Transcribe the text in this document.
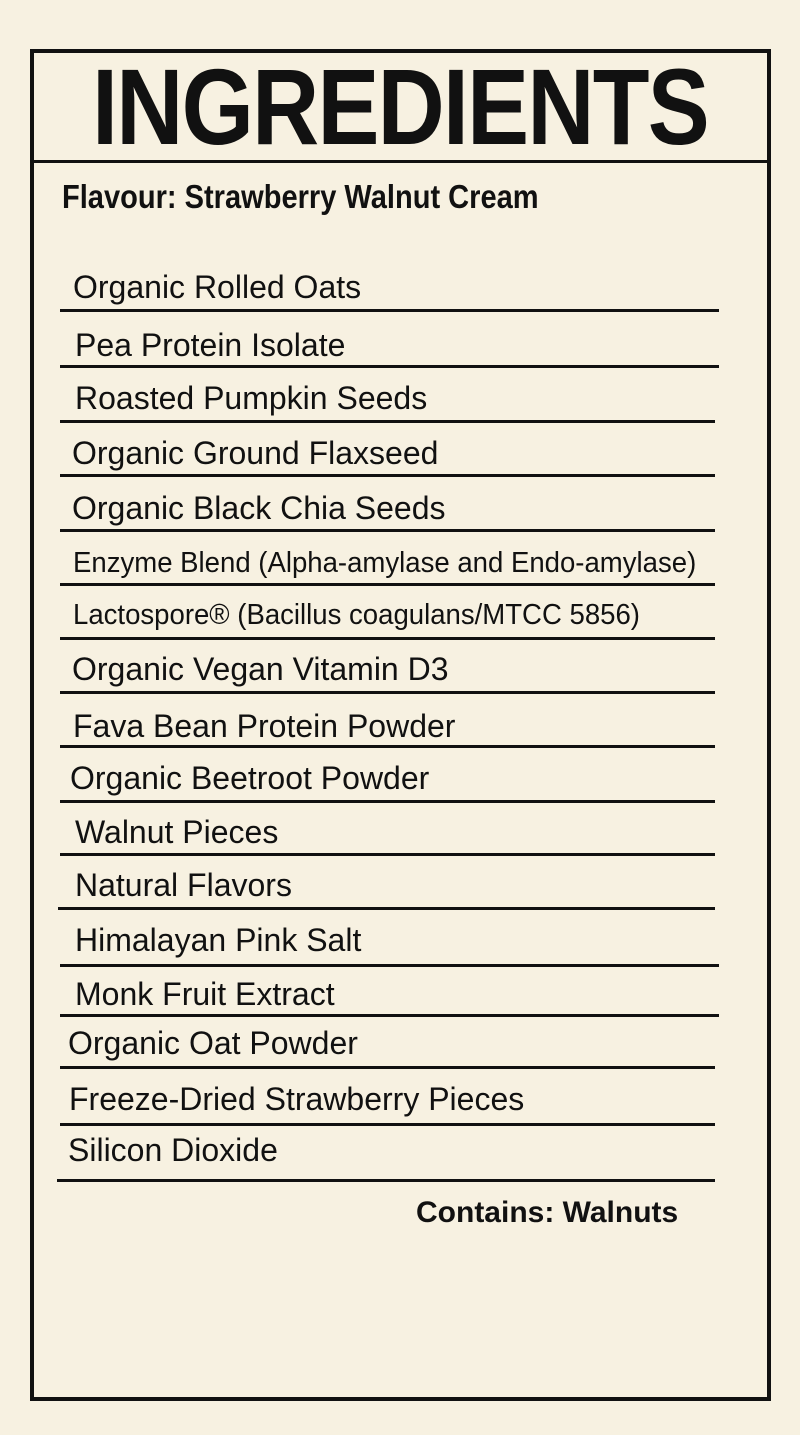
INGREDIENTS
Flavour: Strawberry Walnut Cream
Organic Rolled Oats
Pea Protein Isolate
Roasted Pumpkin Seeds
Organic Ground Flaxseed
Organic Black Chia Seeds
Enzyme Blend (Alpha-amylase and Endo-amylase)
Lactospore® (Bacillus coagulans/MTCC 5856)
Organic Vegan Vitamin D3
Fava Bean Protein Powder
Organic Beetroot Powder
Walnut Pieces
Natural Flavors
Himalayan Pink Salt
Monk Fruit Extract
Organic Oat Powder
Freeze-Dried Strawberry Pieces
Silicon Dioxide
Contains: Walnuts
